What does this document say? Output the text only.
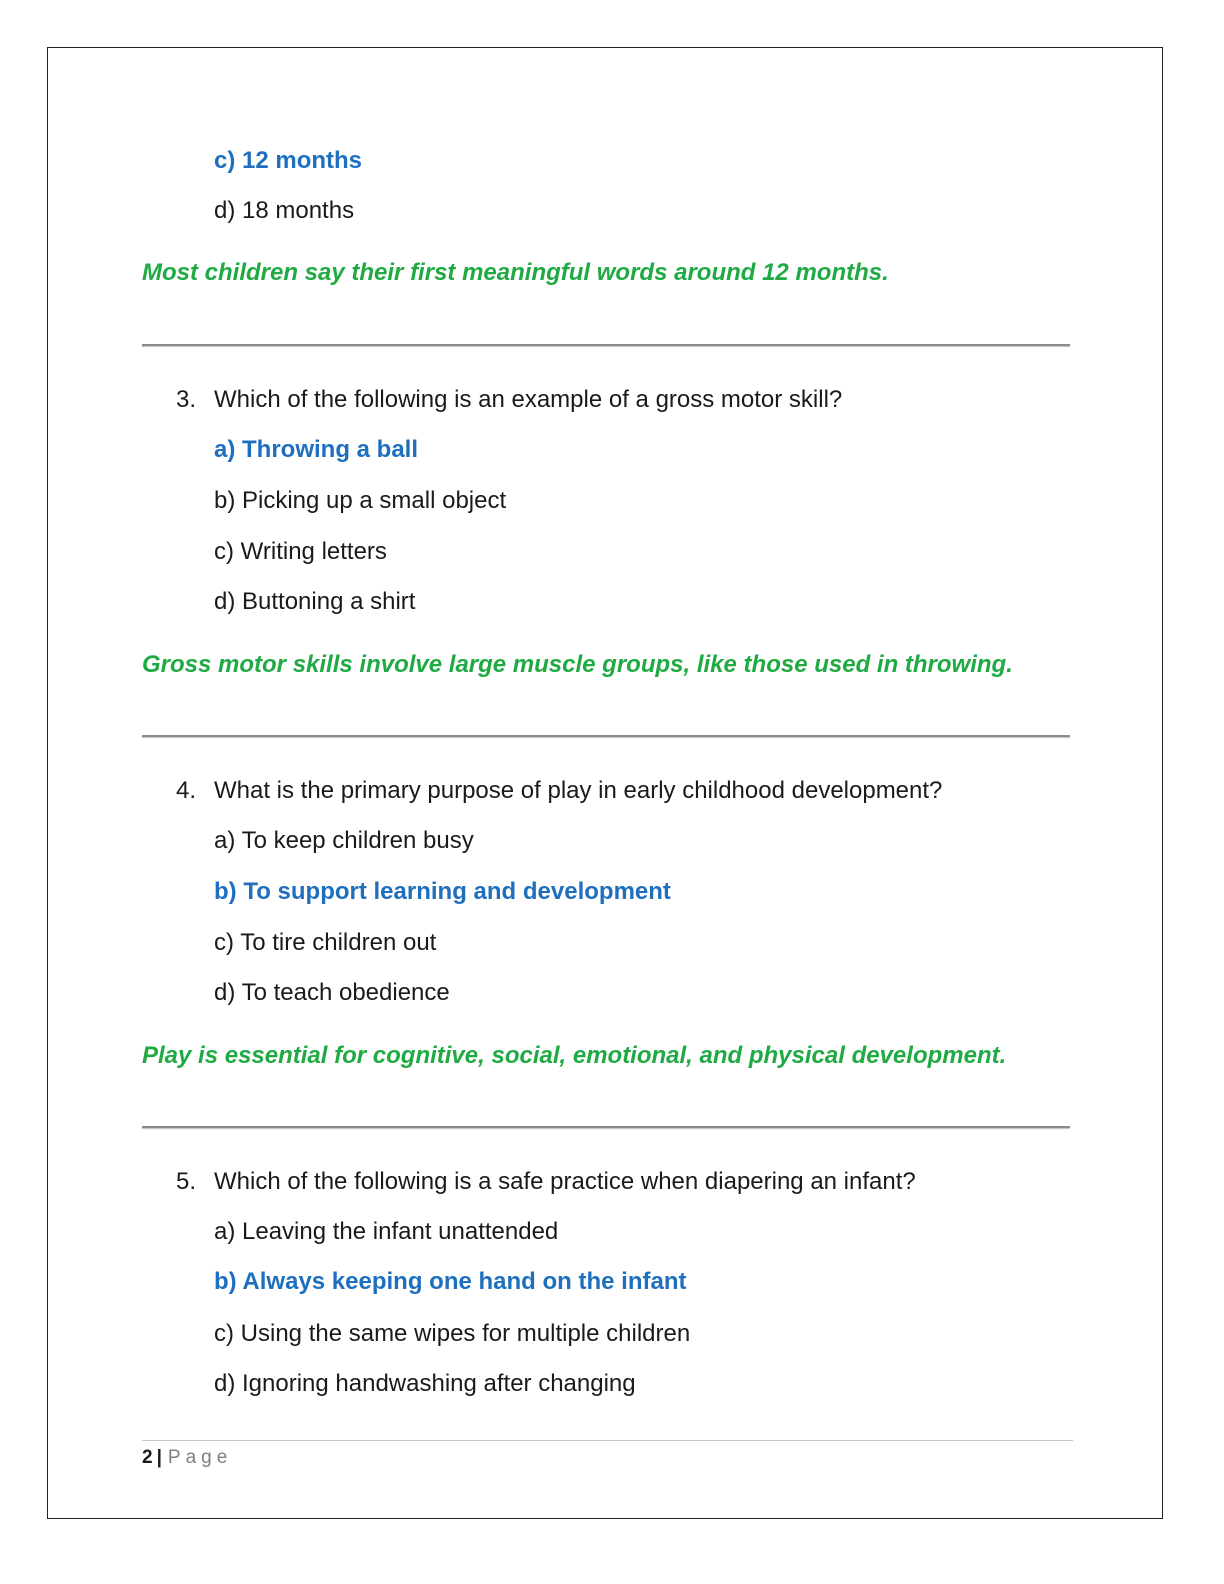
c) 12 months
d) 18 months
Most children say their first meaningful words around 12 months.
3. Which of the following is an example of a gross motor skill?
a) Throwing a ball
b) Picking up a small object
c) Writing letters
d) Buttoning a shirt
Gross motor skills involve large muscle groups, like those used in throwing.
4. What is the primary purpose of play in early childhood development?
a) To keep children busy
b) To support learning and development
c) To tire children out
d) To teach obedience
Play is essential for cognitive, social, emotional, and physical development.
5. Which of the following is a safe practice when diapering an infant?
a) Leaving the infant unattended
b) Always keeping one hand on the infant
c) Using the same wipes for multiple children
d) Ignoring handwashing after changing
2 | Page
